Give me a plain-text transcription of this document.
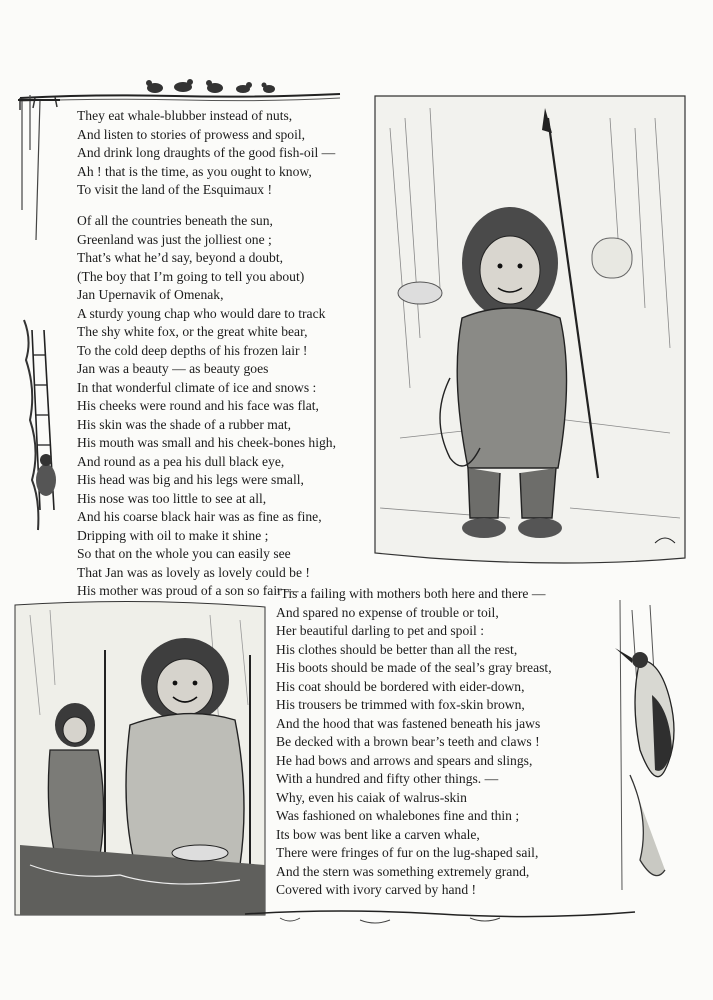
They eat whale-blubber instead of nuts,
And listen to stories of prowess and spoil,
And drink long draughts of the good fish-oil —
Ah ! that is the time, as you ought to know,
To visit the land of the Esquimaux !
Of all the countries beneath the sun,
Greenland was just the jolliest one ;
That’s what he’d say, beyond a doubt,
(The boy that I’m going to tell you about)
Jan Upernavik of Omenak,
A sturdy young chap who would dare to track
The shy white fox, or the great white bear,
To the cold deep depths of his frozen lair !
Jan was a beauty — as beauty goes
In that wonderful climate of ice and snows :
His cheeks were round and his face was flat,
His skin was the shade of a rubber mat,
His mouth was small and his cheek-bones high,
And round as a pea his dull black eye,
His head was big and his legs were small,
His nose was too little to see at all,
And his coarse black hair was as fine as fine,
Dripping with oil to make it shine ;
So that on the whole you can easily see
That Jan was as lovely as lovely could be !
His mother was proud of a son so fair —
’Tis a failing with mothers both here and there —
And spared no expense of trouble or toil,
Her beautiful darling to pet and spoil :
His clothes should be better than all the rest,
His boots should be made of the seal’s gray breast,
His coat should be bordered with eider-down,
His trousers be trimmed with fox-skin brown,
And the hood that was fastened beneath his jaws
Be decked with a brown bear’s teeth and claws !
He had bows and arrows and spears and slings,
With a hundred and fifty other things. —
Why, even his caiak of walrus-skin
Was fashioned on whalebones fine and thin ;
Its bow was bent like a carven whale,
There were fringes of fur on the lug-shaped sail,
And the stern was something extremely grand,
Covered with ivory carved by hand !
